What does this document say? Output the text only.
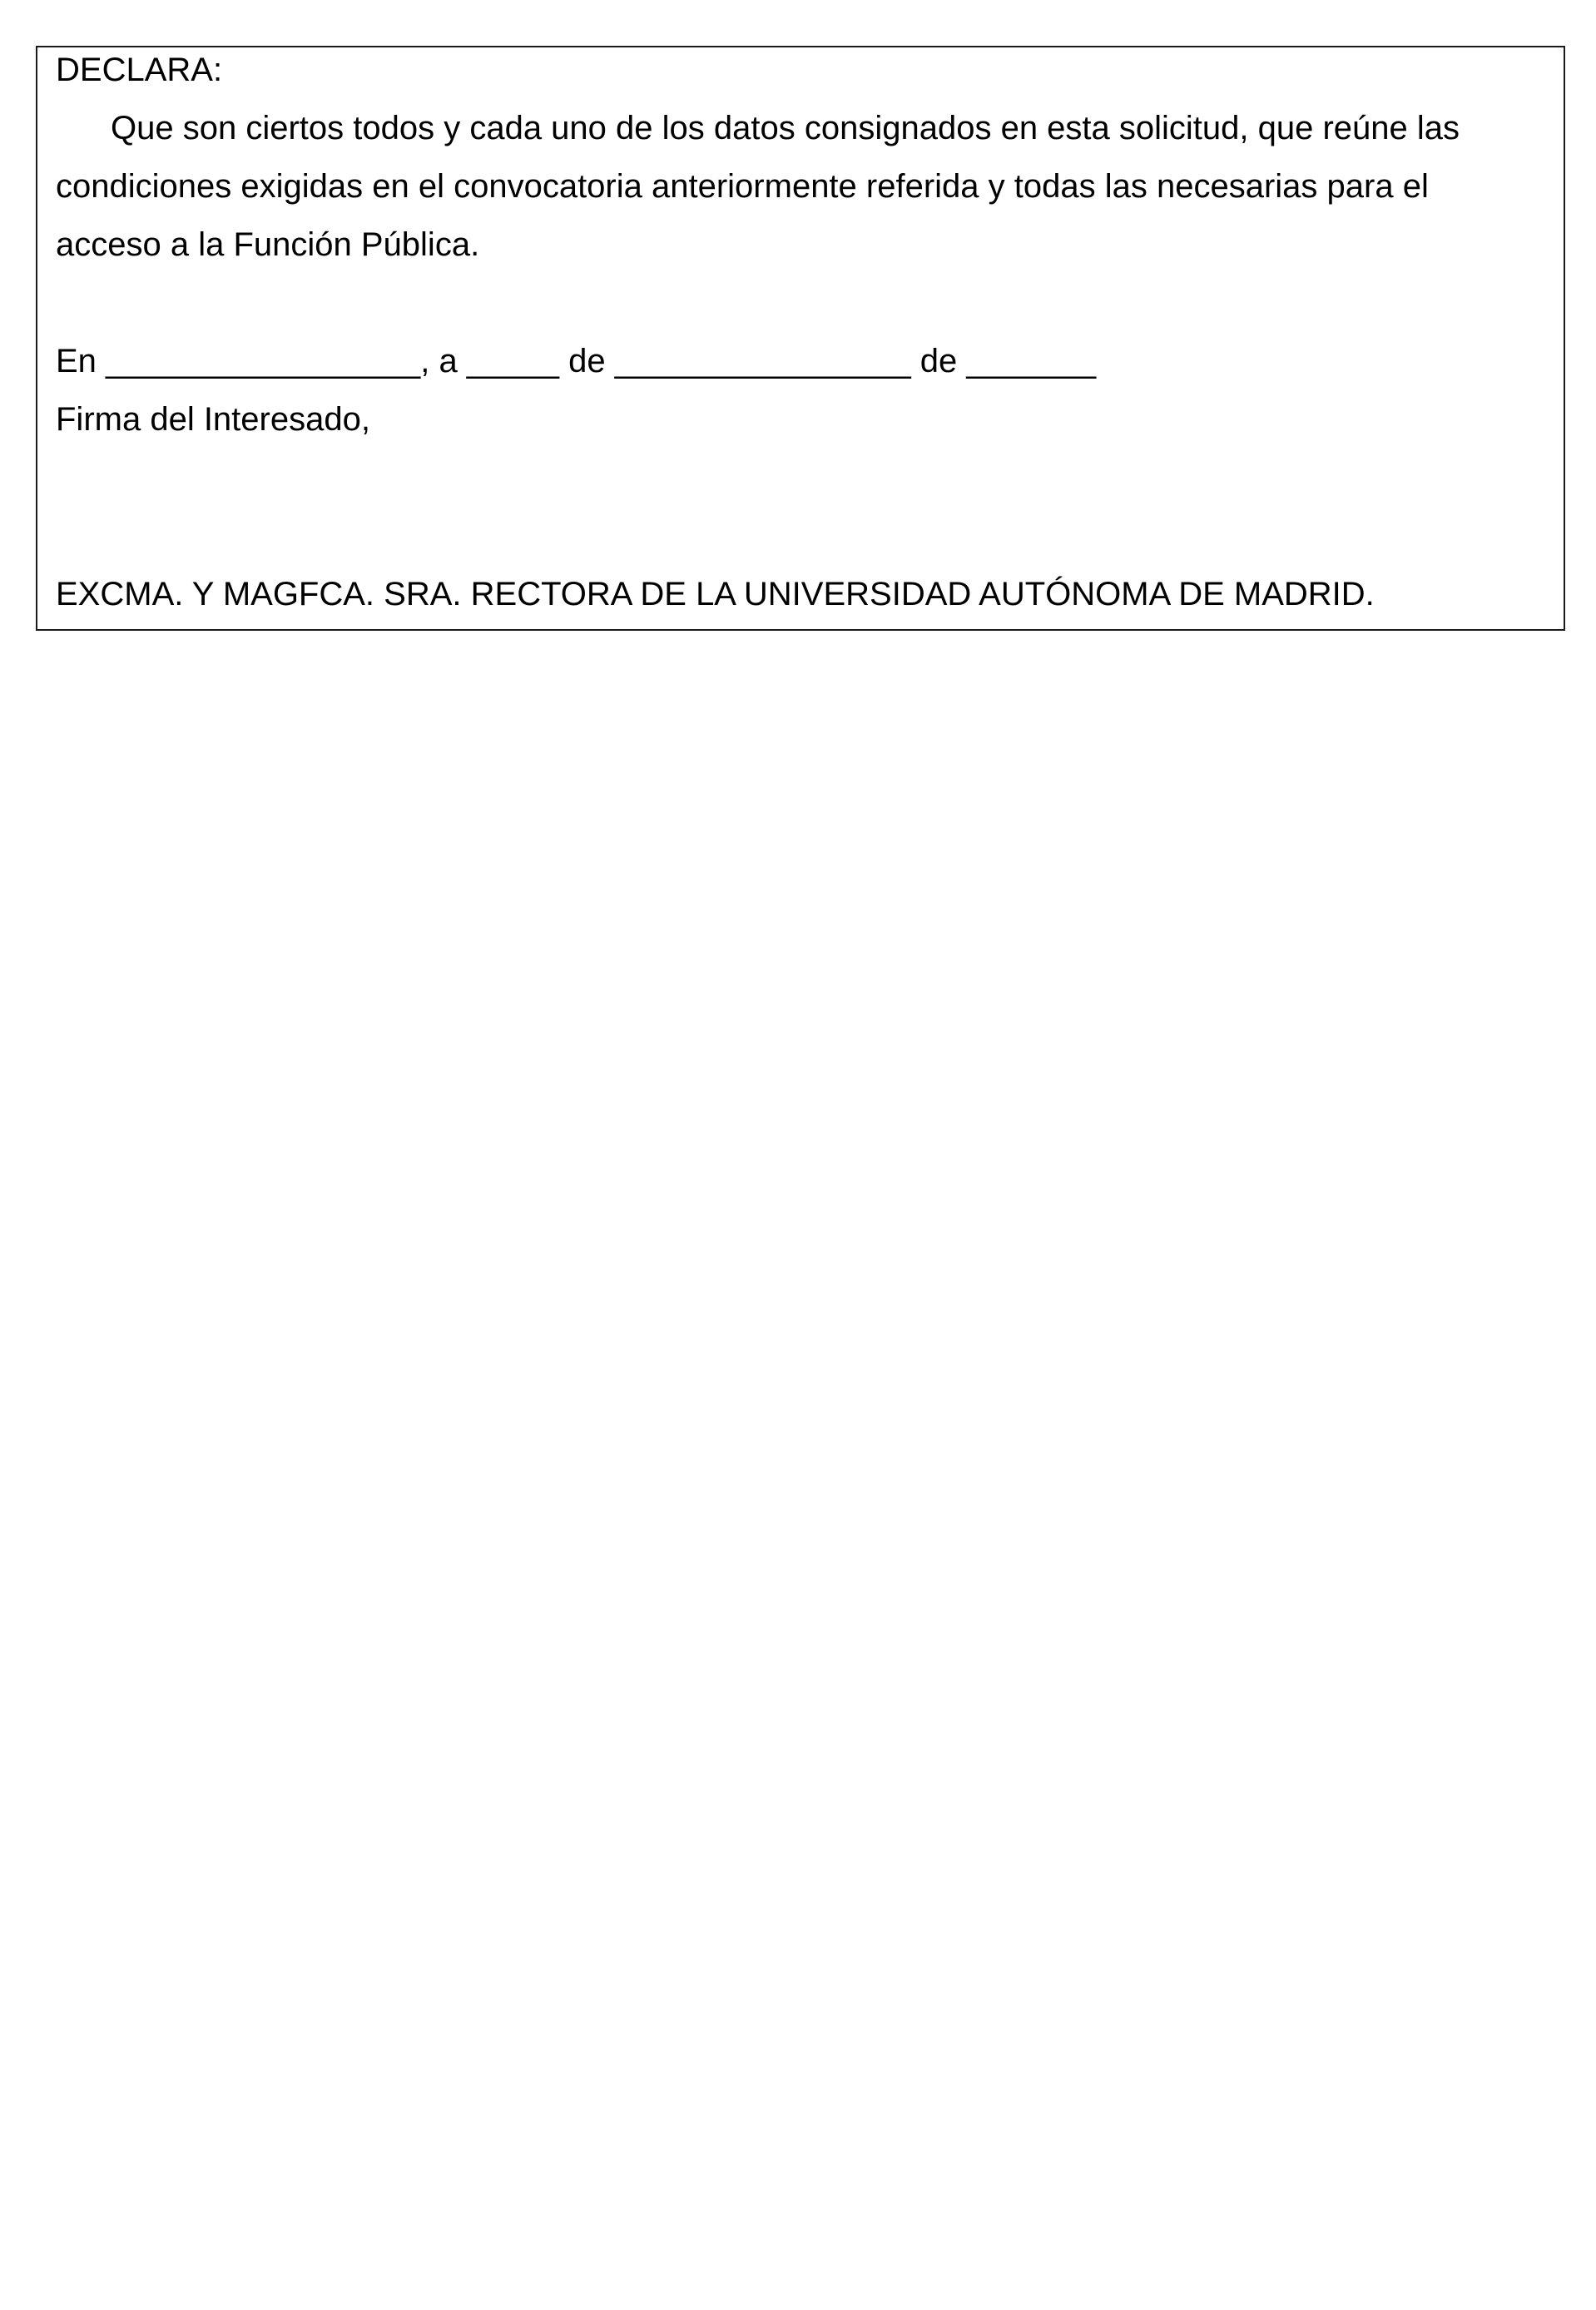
DECLARA:
Que son ciertos todos y cada uno de los datos consignados en esta solicitud, que reúne las
condiciones exigidas en el convocatoria anteriormente referida y todas las necesarias para el
acceso a la Función Pública.
En _________________, a _____ de ________________ de _______
Firma del Interesado,
EXCMA. Y MAGFCA. SRA. RECTORA DE LA UNIVERSIDAD AUTÓNOMA DE MADRID.
